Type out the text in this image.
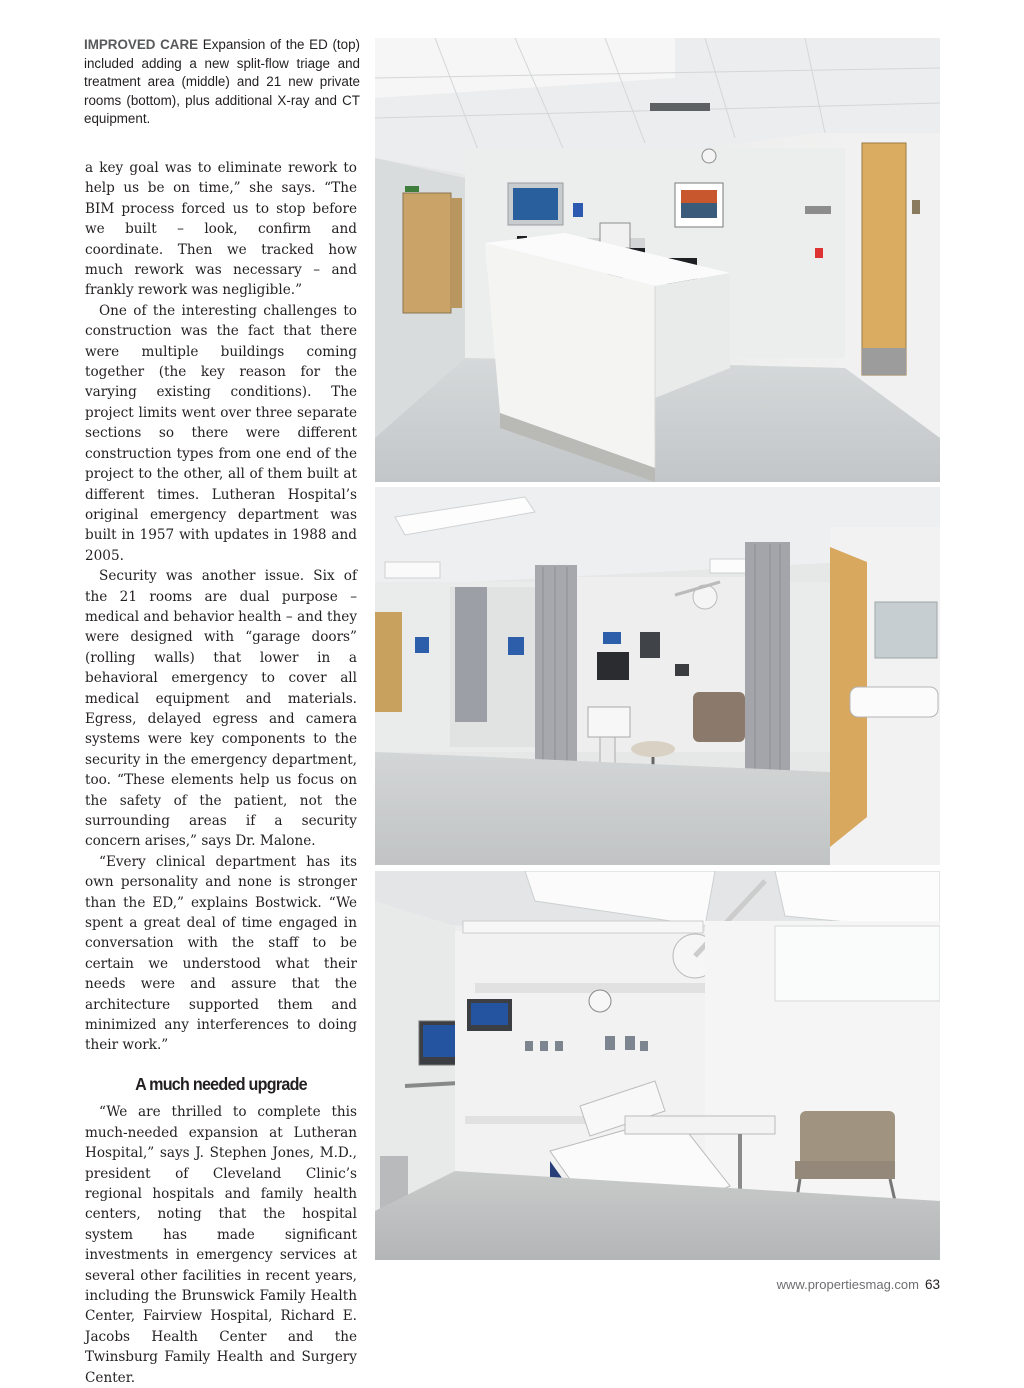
IMPROVED CARE Expansion of the ED (top) included adding a new split-flow triage and treatment area (middle) and 21 new private rooms (bottom), plus additional X-ray and CT equipment.

a key goal was to eliminate rework to help us be on time,” she says. “The BIM process forced us to stop before we built – look, confirm and coordinate. Then we tracked how much rework was necessary – and frankly rework was negligible.”

One of the interesting challenges to construction was the fact that there were multiple buildings coming together (the key reason for the varying existing conditions). The project limits went over three separate sections so there were different construction types from one end of the project to the other, all of them built at different times. Lutheran Hospital’s original emergency department was built in 1957 with updates in 1988 and 2005.

Security was another issue. Six of the 21 rooms are dual purpose – medical and behavior health – and they were designed with “garage doors” (rolling walls) that lower in a behavioral emergency to cover all medical equipment and materials. Egress, delayed egress and camera systems were key components to the security in the emergency department, too. “These elements help us focus on the safety of the patient, not the surrounding areas if a security concern arises,” says Dr. Malone.

“Every clinical department has its own personality and none is stronger than the ED,” explains Bostwick. “We spent a great deal of time engaged in conversation with the staff to be certain we understood what their needs were and assure that the architecture supported them and minimized any interferences to doing their work.”

A much needed upgrade

“We are thrilled to complete this much-needed expansion at Lutheran Hospital,” says J. Stephen Jones, M.D., president of Cleveland Clinic’s regional hospitals and family health centers, noting that the hospital system has made significant investments in emergency services at several other facilities in recent years, including the Brunswick Family Health Center, Fairview Hospital, Richard E. Jacobs Health Center and the Twinsburg Family Health and Surgery Center.

www.propertiesmag.com 63
